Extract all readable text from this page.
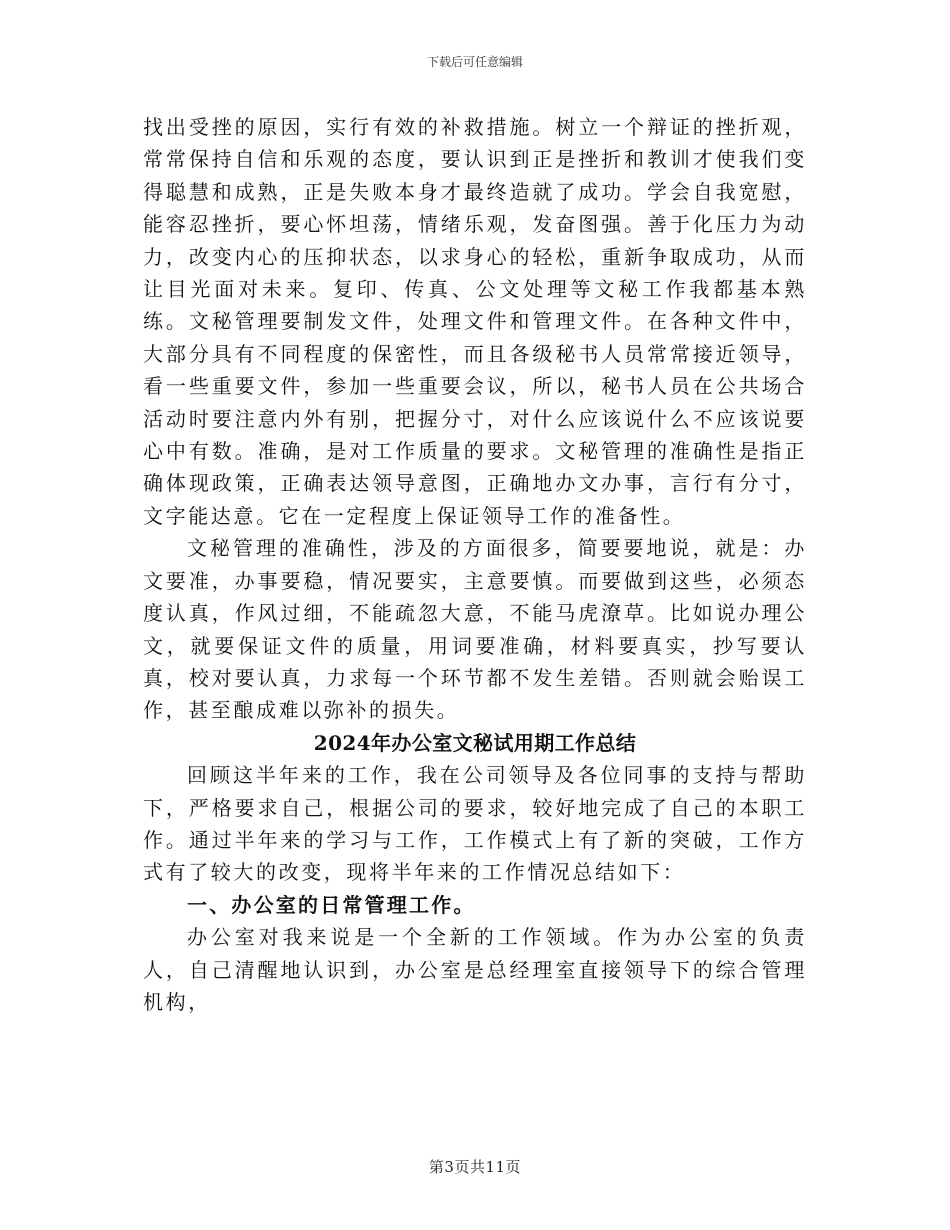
下载后可任意编辑

找出受挫的原因，实行有效的补救措施。树立一个辩证的挫折观，常常保持自信和乐观的态度，要认识到正是挫折和教训才使我们变得聪慧和成熟，正是失败本身才最终造就了成功。学会自我宽慰，能容忍挫折，要心怀坦荡，情绪乐观，发奋图强。善于化压力为动力，改变内心的压抑状态，以求身心的轻松，重新争取成功，从而让目光面对未来。复印、传真、公文处理等文秘工作我都基本熟练。文秘管理要制发文件，处理文件和管理文件。在各种文件中，大部分具有不同程度的保密性，而且各级秘书人员常常接近领导，看一些重要文件，参加一些重要会议，所以，秘书人员在公共场合活动时要注意内外有别，把握分寸，对什么应该说什么不应该说要心中有数。准确，是对工作质量的要求。文秘管理的准确性是指正确体现政策，正确表达领导意图，正确地办文办事，言行有分寸，文字能达意。它在一定程度上保证领导工作的准备性。

文秘管理的准确性，涉及的方面很多，简要要地说，就是：办文要准，办事要稳，情况要实，主意要慎。而要做到这些，必须态度认真，作风过细，不能疏忽大意，不能马虎潦草。比如说办理公文，就要保证文件的质量，用词要准确，材料要真实，抄写要认真，校对要认真，力求每一个环节都不发生差错。否则就会贻误工作，甚至酿成难以弥补的损失。

2024年办公室文秘试用期工作总结

回顾这半年来的工作，我在公司领导及各位同事的支持与帮助下，严格要求自己，根据公司的要求，较好地完成了自己的本职工作。通过半年来的学习与工作，工作模式上有了新的突破，工作方式有了较大的改变，现将半年来的工作情况总结如下：

一、办公室的日常管理工作。

办公室对我来说是一个全新的工作领域。作为办公室的负责人，自己清醒地认识到，办公室是总经理室直接领导下的综合管理机构，

第3页共11页
